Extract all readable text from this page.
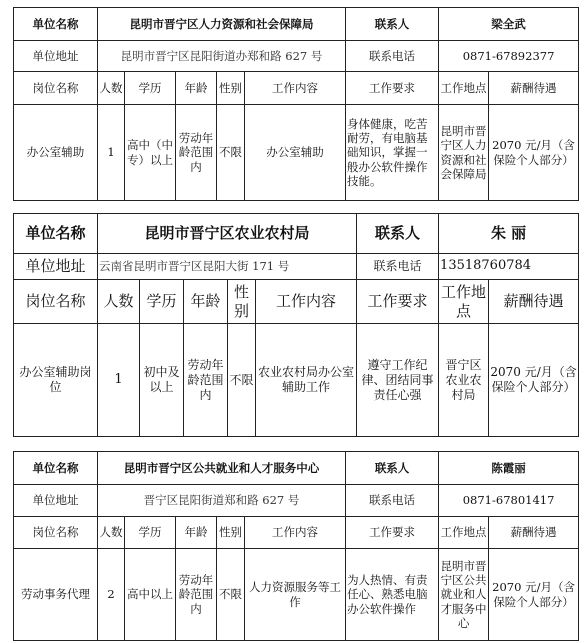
单位名称	昆明市晋宁区人力资源和社会保障局					联系人	梁全武	
单位地址	昆明市晋宁区昆阳街道办郑和路 627 号					联系电话	0871-67892377	
岗位名称	人数	学历	年龄	性别	工作内容	工作要求	工作地点	薪酬待遇
办公室辅助	1	高中（中专）以上	劳动年龄范围内	不限	办公室辅助	身体健康，吃苦耐劳，有电脑基础知识，掌握一般办公软件操作技能。	昆明市晋宁区人力资源和社会保障局	2070 元/月（含保险个人部分）
单位名称	昆明市晋宁区农业农村局					联系人	朱 丽	
单位地址	云南省昆明市晋宁区昆阳大街 171 号					联系电话	13518760784	
岗位名称	人数	学历	年龄	性别	工作内容	工作要求	工作地点	薪酬待遇
办公室辅助岗位	1	初中及以上	劳动年龄范围内	不限	农业农村局办公室辅助工作	遵守工作纪律、团结同事责任心强	晋宁区农业农村局	2070 元/月（含保险个人部分）
单位名称	昆明市晋宁区公共就业和人才服务中心					联系人	陈霞丽	
单位地址	晋宁区昆阳街道郑和路 627 号					联系电话	0871-67801417	
岗位名称	人数	学历	年龄	性别	工作内容	工作要求	工作地点	薪酬待遇
劳动事务代理	2	高中以上	劳动年龄范围内	不限	人力资源服务等工作	为人热情、有责任心、熟悉电脑办公软件操作	昆明市晋宁区公共就业和人才服务中心	2070 元/月（含保险个人部分）
